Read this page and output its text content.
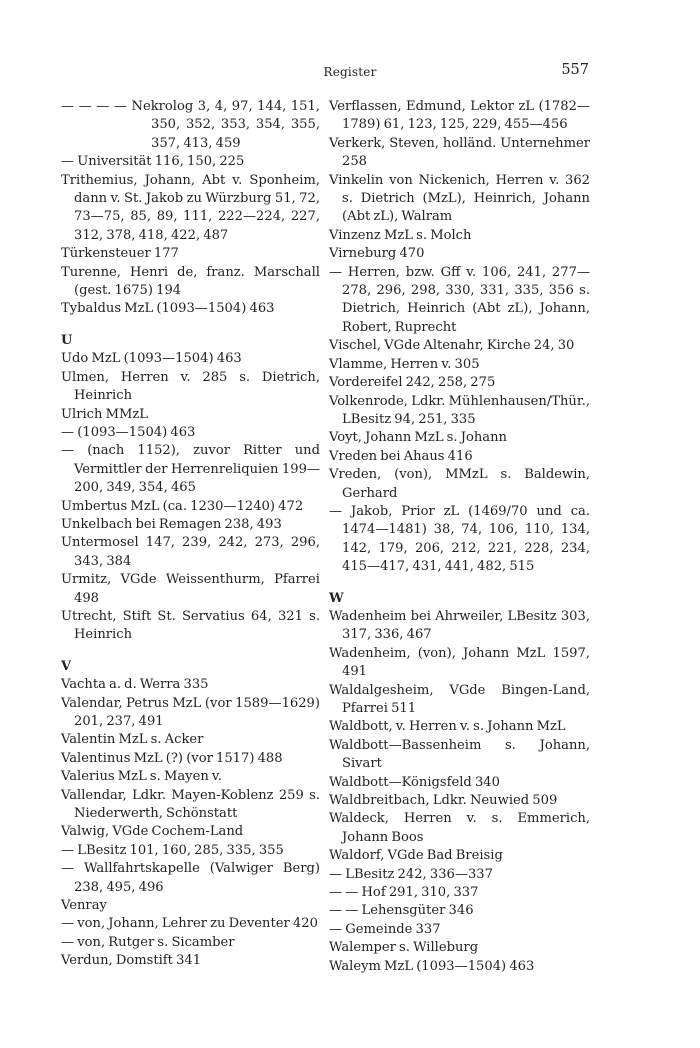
Register	557
— — — — Nekrolog 3, 4, 97, 144, 151, 350, 352, 353, 354, 355, 357, 413, 459
— Universität 116, 150, 225
Trithemius, Johann, Abt v. Sponheim, dann v. St. Jakob zu Würzburg 51, 72, 73—75, 85, 89, 111, 222—224, 227, 312, 378, 418, 422, 487
Türkensteuer 177
Turenne, Henri de, franz. Marschall (gest. 1675) 194
Tybaldus MzL (1093—1504) 463
U
Udo MzL (1093—1504) 463
Ulmen, Herren v. 285 s. Dietrich, Heinrich
Ulrich MMzL
— (1093—1504) 463
— (nach 1152), zuvor Ritter und Vermittler der Herrenreliquien 199—200, 349, 354, 465
Umbertus MzL (ca. 1230—1240) 472
Unkelbach bei Remagen 238, 493
Untermosel 147, 239, 242, 273, 296, 343, 384
Urmitz, VGde Weissenthurm, Pfarrei 498
Utrecht, Stift St. Servatius 64, 321 s. Heinrich
V
Vachta a. d. Werra 335
Valendar, Petrus MzL (vor 1589—1629) 201, 237, 491
Valentin MzL s. Acker
Valentinus MzL (?) (vor 1517) 488
Valerius MzL s. Mayen v.
Vallendar, Ldkr. Mayen-Koblenz 259 s. Niederwerth, Schönstatt
Valwig, VGde Cochem-Land
— LBesitz 101, 160, 285, 335, 355
— Wallfahrtskapelle (Valwiger Berg) 238, 495, 496
Venray
— von, Johann, Lehrer zu Deventer 420
— von, Rutger s. Sicamber
Verdun, Domstift 341
Verflassen, Edmund, Lektor zL (1782—1789) 61, 123, 125, 229, 455—456
Verkerk, Steven, holländ. Unternehmer 258
Vinkelin von Nickenich, Herren v. 362 s. Dietrich (MzL), Heinrich, Johann (Abt zL), Walram
Vinzenz MzL s. Molch
Virneburg 470
— Herren, bzw. Gff v. 106, 241, 277—278, 296, 298, 330, 331, 335, 356 s. Dietrich, Heinrich (Abt zL), Johann, Robert, Ruprecht
Vischel, VGde Altenahr, Kirche 24, 30
Vlamme, Herren v. 305
Vordereifel 242, 258, 275
Volkenrode, Ldkr. Mühlenhausen/Thür., LBesitz 94, 251, 335
Voyt, Johann MzL s. Johann
Vreden bei Ahaus 416
Vreden, (von), MMzL s. Baldewin, Gerhard
— Jakob, Prior zL (1469/70 und ca. 1474—1481) 38, 74, 106, 110, 134, 142, 179, 206, 212, 221, 228, 234, 415—417, 431, 441, 482, 515
W
Wadenheim bei Ahrweiler, LBesitz 303, 317, 336, 467
Wadenheim, (von), Johann MzL 1597, 491
Waldalgesheim, VGde Bingen-Land, Pfarrei 511
Waldbott, v. Herren v. s. Johann MzL
Waldbott—Bassenheim s. Johann, Sivart
Waldbott—Königsfeld 340
Waldbreitbach, Ldkr. Neuwied 509
Waldeck, Herren v. s. Emmerich, Johann Boos
Waldorf, VGde Bad Breisig
— LBesitz 242, 336—337
— — Hof 291, 310, 337
— — Lehensgüter 346
— Gemeinde 337
Walemper s. Willeburg
Waleym MzL (1093—1504) 463
